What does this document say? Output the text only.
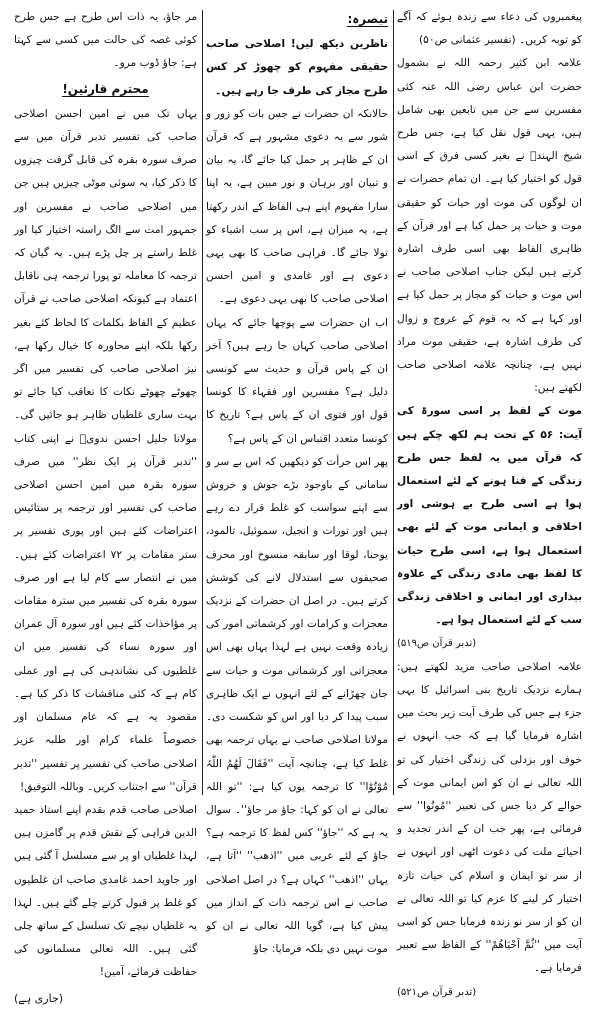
پیغمبروں کی دعاء سے زندہ ہوئے کہ آگے کو توبہ کریں۔ (تفسیر عثمانی ص۵۰)

علامہ ابن کثیر رحمہ اللہ نے بشمول حضرت ابن عباس رضی اللہ عنہ کئی مفسرین سے جن میں تابعین بھی شامل ہیں، یہی قول نقل کیا ہے، جس طرح شیخ الہندؒ نے بغیر کسی فرق کے اسی قول کو اختیار کیا ہے۔ ان تمام حضرات نے ان لوگوں کی موت اور حیات کو حقیقی موت و حیات پر حمل کیا ہے اور قرآن کے ظاہری الفاظ بھی اسی طرف اشارہ کرتے ہیں لیکن جناب اصلاحی صاحب نے اس موت و حیات کو مجاز پر حمل کیا ہے اور کہا ہے کہ یہ قوم کے عروج و زوال کی طرف اشارہ ہے، حقیقی موت مراد نہیں ہے، چنانچہ علامہ اصلاحی صاحب لکھتے ہیں:

موت کے لفظ پر اسی سورۃ کی آیت: ۵۶ کے تحت ہم لکھ چکے ہیں کہ قرآن میں یہ لفظ جس طرح زندگی کے فنا ہونے کے لئے استعمال ہوا ہے اسی طرح بے ہوشی اور اخلاقی و ایمانی موت کے لئے بھی استعمال ہوا ہے، اسی طرح حیات کا لفظ بھی مادی زندگی کے علاوہ بیداری اور ایمانی و اخلاقی زندگی سب کے لئے استعمال ہوا ہے۔

(تدبر قرآن ص۵۱۹)

علامہ اصلاحی صاحب مزید لکھتے ہیں: ہمارے نزدیک تاریخ بنی اسرائیل کا یہی جزء ہے جس کی طرف آیت زیر بحث میں اشارہ فرمایا گیا ہے کہ جب انہوں نے خوف اور بزدلی کی زندگی اختیار کی تو اللہ تعالی نے ان کو اس ایمانی موت کے حوالے کر دیا جس کی تعبیر ''مُوتُوا'' سے فرمائی ہے، پھر جب ان کے اندر تجدید و احیائے ملت کی دعوت اٹھی اور انہوں نے از سر نو ایمان و اسلام کی حیات تازہ اختیار کر لینے کا عزم کیا تو اللہ تعالی نے ان کو از سر نو زندہ فرمایا جس کو اسی آیت میں ''ثُمَّ اَحْیَاھُمْ'' کے الفاظ سے تعبیر فرمایا ہے۔

(تدبر قرآن ص۵۲۱)

تبصرہ:

ناظرین دیکھ لیں! اصلاحی صاحب حقیقی مفہوم کو چھوڑ کر کس طرح مجاز کی طرف جا رہے ہیں۔

حالانکہ ان حضرات نے جس بات کو زور و شور سے یہ دعوی مشہور ہے کہ قرآن ان کے ظاہر پر حمل کیا جائے گا، یہ بیان و تبیان اور برہان و نور مبین ہے، یہ اپنا سارا مفہوم اپنے ہی الفاظ کے اندر رکھتا ہے، یہ میزان ہے، اس پر سب اشیاء کو تولا جائے گا۔ فراہی صاحب کا بھی یہی دعوی ہے اور غامدی و امین احسن اصلاحی صاحب کا بھی یہی دعوی ہے۔

اب ان حضرات سے پوچھا جائے کہ یہاں اصلاحی صاحب کہاں جا رہے ہیں؟ آخر ان کے پاس قرآن و حدیث سے کونسی دلیل ہے؟ مفسرین اور فقہاء کا کونسا قول اور فتوی ان کے پاس ہے؟ تاریخ کا کونسا متعدد اقتباس ان کے پاس ہے؟

پھر اس جرأت کو دیکھیں کہ اس بے سر و سامانی کے باوجود بڑے جوش و خروش سے اپنے سواسب کو غلط قرار دے رہے ہیں اور تورات و انجیل، سموئیل، تالمود، یوحنا، لوقا اور سابقہ منسوخ اور محرف صحیفوں سے استدلال لانے کی کوشش کرتے ہیں۔ در اصل ان حضرات کے نزدیک معجزات و کرامات اور کرشماتی امور کی زیادہ وقعت نہیں ہے لہذا یہاں بھی اس معجزاتی اور کرشماتی موت و حیات سے جان چھڑانے کے لئے انہوں نے ایک ظاہری سبب پیدا کر دیا اور اس کو شکست دی۔ مولانا اصلاحی صاحب نے یہاں ترجمہ بھی غلط کیا ہے، چنانچہ آیت ''فَقَالَ لَھُمُ اللّٰہُ مُوْتُوْا'' کا ترجمہ یوں کیا ہے: ''تو اللہ تعالی نے ان کو کہا: جاؤ مر جاؤ''۔ سوال یہ ہے کہ ''جاؤ'' کس لفظ کا ترجمہ ہے؟ جاؤ کے لئے عربی میں ''اذھب'' ''آتا ہے، یہاں ''اذھب'' کہاں ہے؟ در اصل اصلاحی صاحب نے اس ترجمہ ذات کے انداز میں پیش کیا ہے، گویا اللہ تعالی نے ان کو موت نہیں دی بلکہ فرمایا: جاؤ

مر جاؤ، یہ ذات اس طرح ہے جس طرح کوئی غصہ کی حالت میں کسی سے کہتا ہے: جاؤ ڈوب مرو۔

محترم قارئین!

یہاں تک میں نے امین احسن اصلاحی صاحب کی تفسیر تدبر قرآن میں سے صرف سورہ بقرہ کی قابل گرفت چیزوں کا ذکر کیا، یہ سوئی موٹی چیزیں ہیں جن میں اصلاحی صاحب نے مفسرین اور جمہور امت سے الگ راستہ اختیار کیا اور غلط راستے پر چل پڑے ہیں۔ یہ گیان کہ ترجمہ کا معاملہ تو پورا ترجمہ ہی ناقابل اعتماد ہے کیونکہ اصلاحی صاحب نے قرآن عظیم کے الفاظ بکلمات کا لحاظ کئے بغیر رکھا بلکہ اپنے محاورہ کا خیال رکھا ہے، نیز اصلاحی صاحب کی تفسیر میں اگر چھوٹے چھوٹے نکات کا تعاقب کیا جائے تو بہت ساری غلطیاں ظاہر ہو جائیں گی۔ مولانا جلیل احسن ندویؒ نے اپنی کتاب ''تدبر قرآن پر ایک نظر'' میں صرف سورہ بقرہ میں امین احسن اصلاحی صاحب کی تفسیر اور ترجمہ پر ستائیس اعتراضات کئے ہیں اور پوری تفسیر پر ستر مقامات پر ۷۲ اعتراضات کئے ہیں۔ میں نے انتصار سے کام لیا ہے اور صرف سورہ بقرہ کی تفسیر میں سترہ مقامات پر مؤاخذات کئے ہیں اور سورہ آل عمران اور سورہ نساء کی تفسیر میں ان غلطیوں کی نشاندہی کی ہے اور عملی کام ہے کہ کئی مناقشات کا ذکر کیا ہے۔ مقصود یہ ہے کہ عام مسلمان اور خصوصاً علماء کرام اور طلبہ عزیز اصلاحی صاحب کی تفسیر پر تفسیر ''تدبر قرآن'' سے اجتناب کریں۔ وباللہ التوفیق!

اصلاحی صاحب قدم بقدم اپنے استاذ حمید الدین فراہی کے نقش قدم پر گامزن ہیں لہذا غلطیاں او پر سے مسلسل آ گئی ہیں اور جاوید احمد غامدی صاحب ان غلطیوں کو غلط پر قبول کرتے چلے گئے ہیں۔ لہذا یہ غلطیاں نیچے تک تسلسل کے ساتھ چلی گئی ہیں۔ اللہ تعالی مسلمانوں کی حفاظت فرمائے، آمین!

(جاری ہے)
